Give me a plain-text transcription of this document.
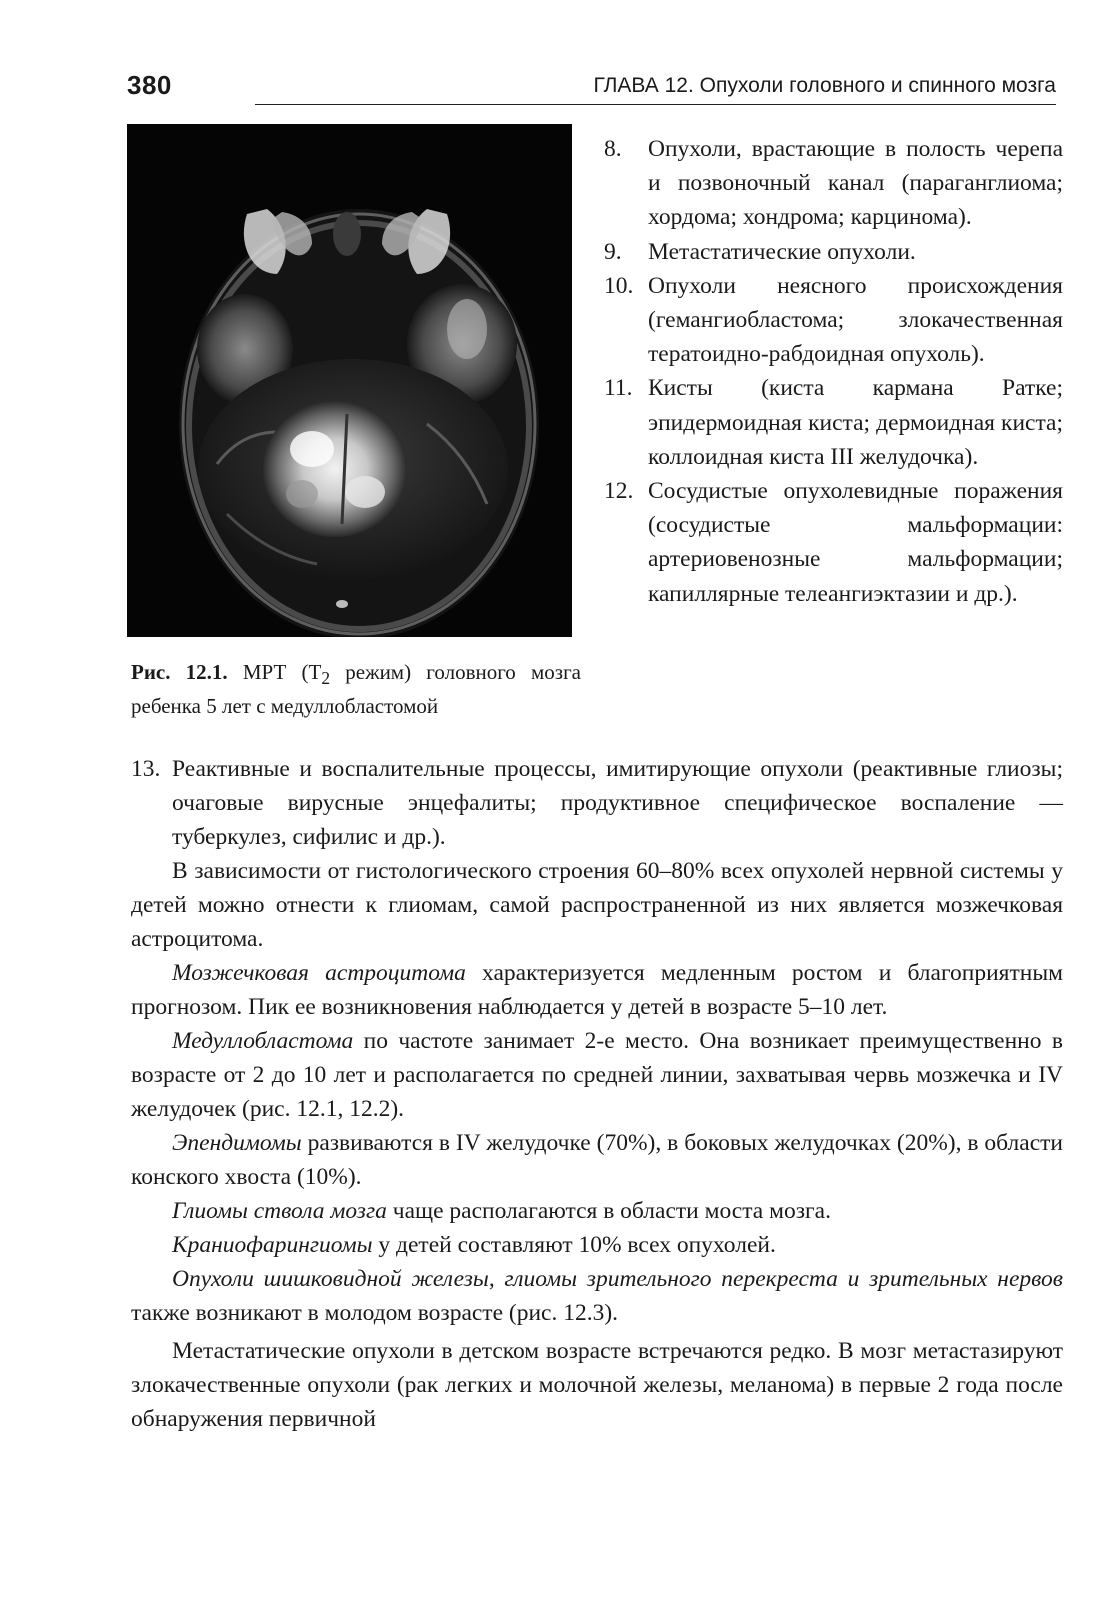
380	ГЛАВА 12. Опухоли головного и спинного мозга
Рис. 12.1. МРТ ($T_2$ режим) головного мозга ребенка 5 лет с медуллобластомой
8.	Опухоли, врастающие в полость черепа и позвоночный канал (параганглиома; хордома; хондрома; карцинома).
9.	Метастатические опухоли.
10. Опухоли неясного происхождения (гемангиобластома; злокачественная тератоидно-рабдоидная опухоль).
11. Кисты (киста кармана Ратке; эпидермоидная киста; дермоидная киста; коллоидная киста III желудочка).
12. Сосудистые опухолевидные поражения (сосудистые мальформации: артериовенозные мальформации; капиллярные телеангиэктазии и др.).
13. Реактивные и воспалительные процессы, имитирующие опухоли (реактивные глиозы; очаговые вирусные энцефалиты; продуктивное специфическое воспаление — туберкулез, сифилис и др.).

В зависимости от гистологического строения 60–80% всех опухолей нервной системы у детей можно отнести к глиомам, самой распространенной из них является мозжечковая астроцитома.

Мозжечковая астроцитома характеризуется медленным ростом и благоприятным прогнозом. Пик ее возникновения наблюдается у детей в возрасте 5–10 лет.

Медуллобластома по частоте занимает 2-е место. Она возникает преимущественно в возрасте от 2 до 10 лет и располагается по средней линии, захватывая червь мозжечка и IV желудочек (рис. 12.1, 12.2).

Эпендимомы развиваются в IV желудочке (70%), в боковых желудочках (20%), в области конского хвоста (10%).

Глиомы ствола мозга чаще располагаются в области моста мозга.

Краниофарингиомы у детей составляют 10% всех опухолей.

Опухоли шишковидной железы, глиомы зрительного перекреста и зрительных нервов также возникают в молодом возрасте (рис. 12.3).

Метастатические опухоли в детском возрасте встречаются редко. В мозг метастазируют злокачественные опухоли (рак легких и молочной железы, меланома) в первые 2 года после обнаружения первичной
